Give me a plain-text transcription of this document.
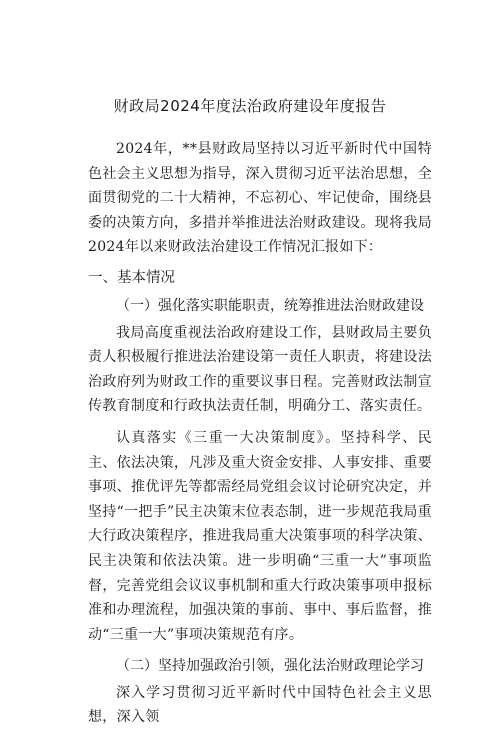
财政局2024年度法治政府建设年度报告

2024年，**县财政局坚持以习近平新时代中国特色社会主义思想为指导，深入贯彻习近平法治思想，全面贯彻党的二十大精神，不忘初心、牢记使命，围绕县委的决策方向，多措并举推进法治财政建设。现将我局2024年以来财政法治建设工作情况汇报如下：

一、基本情况

（一）强化落实职能职责，统筹推进法治财政建设

我局高度重视法治政府建设工作，县财政局主要负责人积极履行推进法治建设第一责任人职责，将建设法治政府列为财政工作的重要议事日程。完善财政法制宣传教育制度和行政执法责任制，明确分工、落实责任。

认真落实《三重一大决策制度》。坚持科学、民主、依法决策，凡涉及重大资金安排、人事安排、重要事项、推优评先等都需经局党组会议讨论研究决定，并坚持“一把手”民主决策末位表态制，进一步规范我局重大行政决策程序，推进我局重大决策事项的科学决策、民主决策和依法决策。进一步明确“三重一大”事项监督，完善党组会议议事机制和重大行政决策事项申报标准和办理流程，加强决策的事前、事中、事后监督，推动“三重一大”事项决策规范有序。

（二）坚持加强政治引领，强化法治财政理论学习

深入学习贯彻习近平新时代中国特色社会主义思想，深入领
